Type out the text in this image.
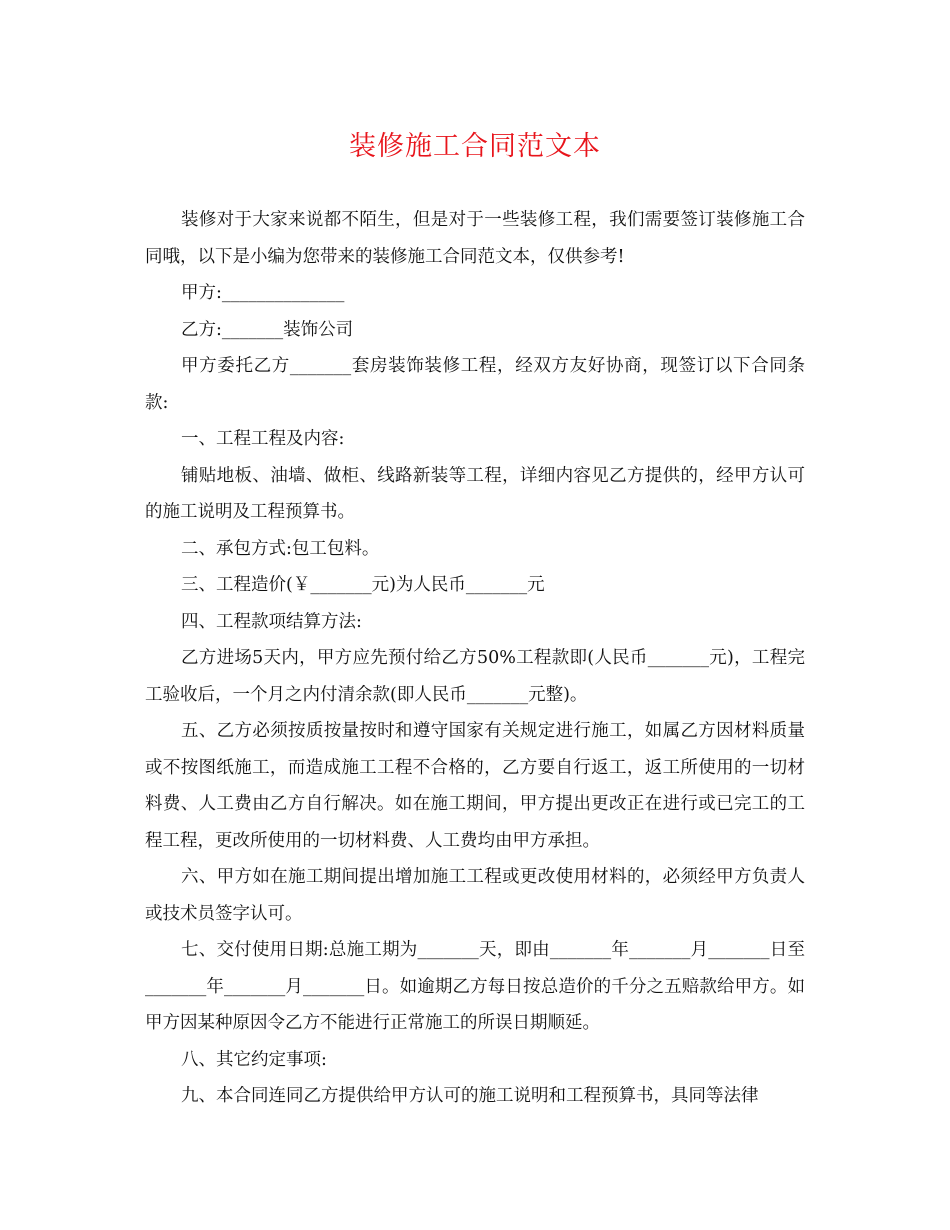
装修施工合同范文本

装修对于大家来说都不陌生，但是对于一些装修工程，我们需要签订装修施工合同哦，以下是小编为您带来的装修施工合同范文本，仅供参考!

甲方:______________

乙方:_______装饰公司

甲方委托乙方_______套房装饰装修工程，经双方友好协商，现签订以下合同条款:

一、工程工程及内容:

铺贴地板、油墙、做柜、线路新装等工程，详细内容见乙方提供的，经甲方认可的施工说明及工程预算书。

二、承包方式:包工包料。

三、工程造价(￥_______元)为人民币_______元

四、工程款项结算方法:

乙方进场5天内，甲方应先预付给乙方50%工程款即(人民币_______元)，工程完工验收后，一个月之内付清余款(即人民币_______元整)。

五、乙方必须按质按量按时和遵守国家有关规定进行施工，如属乙方因材料质量或不按图纸施工，而造成施工工程不合格的，乙方要自行返工，返工所使用的一切材料费、人工费由乙方自行解决。如在施工期间，甲方提出更改正在进行或已完工的工程工程，更改所使用的一切材料费、人工费均由甲方承担。

六、甲方如在施工期间提出增加施工工程或更改使用材料的，必须经甲方负责人或技术员签字认可。

七、交付使用日期:总施工期为_______天，即由_______年_______月_______日至_______年_______月_______日。如逾期乙方每日按总造价的千分之五赔款给甲方。如甲方因某种原因令乙方不能进行正常施工的所误日期顺延。

八、其它约定事项:

九、本合同连同乙方提供给甲方认可的施工说明和工程预算书，具同等法律
